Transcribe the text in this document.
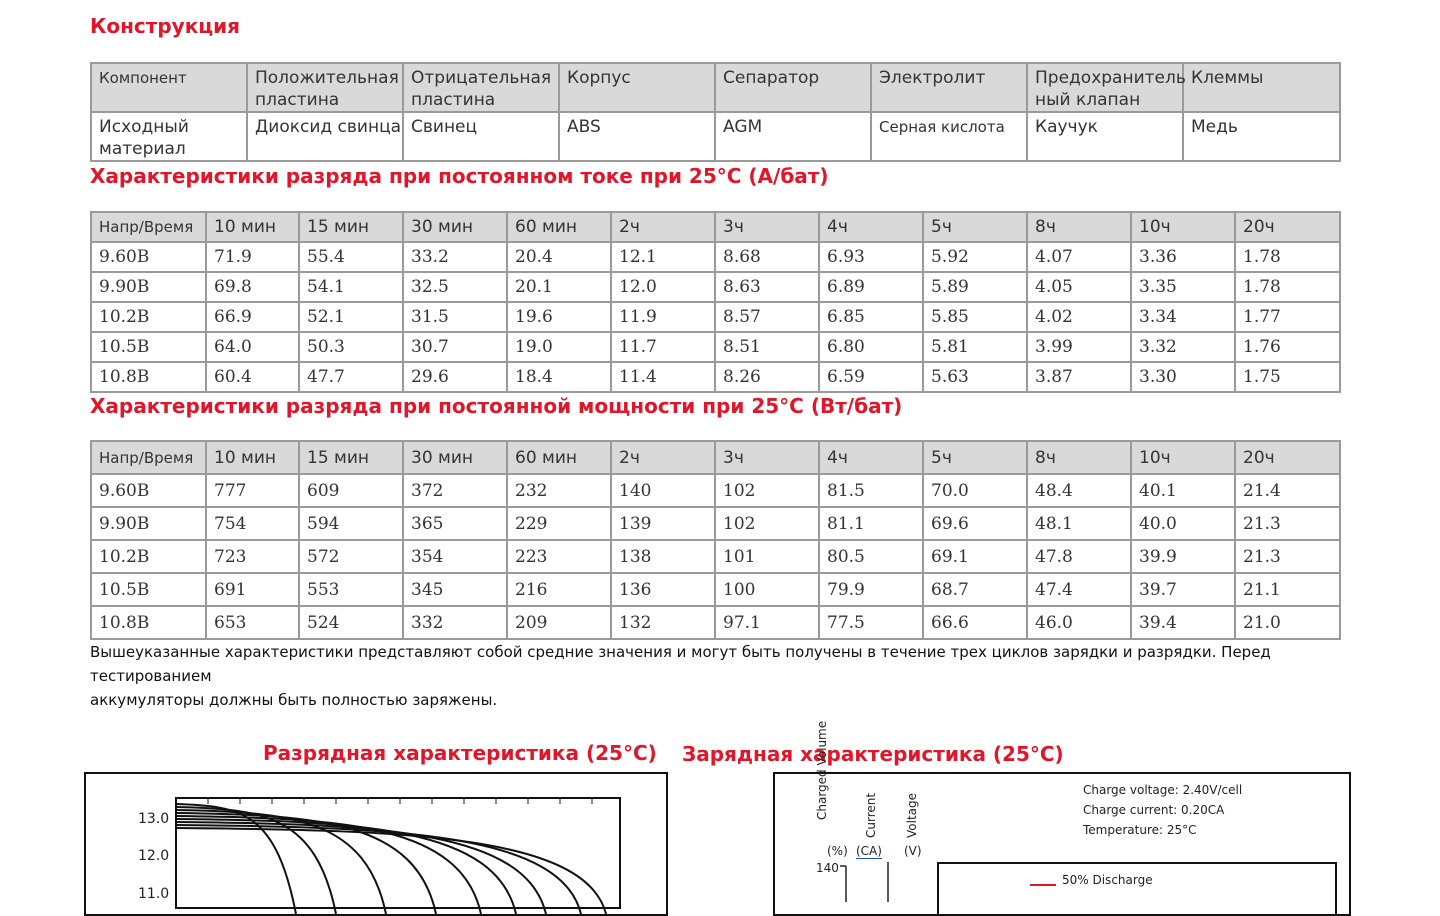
Конструкция
Компонент	Положительная пластина	Отрицательная пластина	Корпус	Сепаратор	Электролит	Предохранитель ный клапан	Клеммы
Исходный материал	Диоксид свинца	Свинец	ABS	AGM	Серная кислота	Каучук	Медь
Характеристики разряда при постоянном токе при 25°С (А/бат)
Напр/Время	10 мин	15 мин	30 мин	60 мин	2ч	3ч	4ч	5ч	8ч	10ч	20ч
9.60В	71.9	55.4	33.2	20.4	12.1	8.68	6.93	5.92	4.07	3.36	1.78
9.90В	69.8	54.1	32.5	20.1	12.0	8.63	6.89	5.89	4.05	3.35	1.78
10.2В	66.9	52.1	31.5	19.6	11.9	8.57	6.85	5.85	4.02	3.34	1.77
10.5В	64.0	50.3	30.7	19.0	11.7	8.51	6.80	5.81	3.99	3.32	1.76
10.8В	60.4	47.7	29.6	18.4	11.4	8.26	6.59	5.63	3.87	3.30	1.75
Характеристики разряда при постоянной мощности при 25°С (Вт/бат)
Напр/Время	10 мин	15 мин	30 мин	60 мин	2ч	3ч	4ч	5ч	8ч	10ч	20ч
9.60В	777	609	372	232	140	102	81.5	70.0	48.4	40.1	21.4
9.90В	754	594	365	229	139	102	81.1	69.6	48.1	40.0	21.3
10.2В	723	572	354	223	138	101	80.5	69.1	47.8	39.9	21.3
10.5В	691	553	345	216	136	100	79.9	68.7	47.4	39.7	21.1
10.8В	653	524	332	209	132	97.1	77.5	66.6	46.0	39.4	21.0
Вышеуказанные характеристики представляют собой средние значения и могут быть получены в течение трех циклов зарядки и разрядки. Перед тестированием
аккумуляторы должны быть полностью заряжены.
Разрядная характеристика (25°С)
13.0
12.0
11.0
Зарядная характеристика (25°С)
Charged Volume	Current Voltage
(%) (CA) (V)
140
Charge voltage: 2.40V/cell
Charge current: 0.20CA
Temperature: 25°C
50% Discharge
